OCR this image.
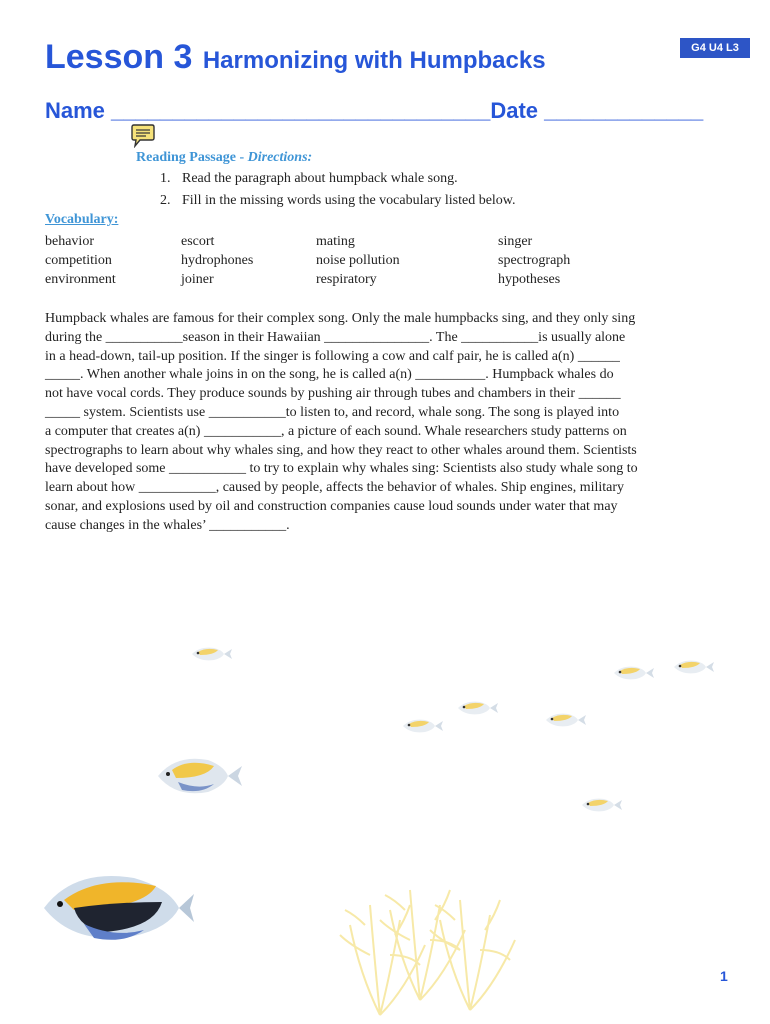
G4 U4 L3
Lesson 3 Harmonizing with Humpbacks
Name _______________________________Date _____________
Reading Passage - Directions:
1. Read the paragraph about humpback whale song.
2. Fill in the missing words using the vocabulary listed below.
Vocabulary:
behavior
competition
environment
escort
hydrophones
joiner
mating
noise pollution
respiratory
singer
spectrograph
hypotheses
Humpback whales are famous for their complex song. Only the male humpbacks sing, and they only sing
during the ___________season in their Hawaiian _______________. The ___________is usually alone
in a head-down, tail-up position. If the singer is following a cow and calf pair, he is called a(n) ______
_____. When another whale joins in on the song, he is called a(n) __________. Humpback whales do
not have vocal cords. They produce sounds by pushing air through tubes and chambers in their ______
_____ system. Scientists use ___________to listen to, and record, whale song. The song is played into
a computer that creates a(n) ___________, a picture of each sound. Whale researchers study patterns on
spectrographs to learn about why whales sing, and how they react to other whales around them. Scientists
have developed some ___________ to try to explain why whales sing: Scientists also study whale song to
learn about how ___________, caused by people, affects the behavior of whales. Ship engines, military
sonar, and explosions used by oil and construction companies cause loud sounds under water that may
cause changes in the whales’ ___________.
1
